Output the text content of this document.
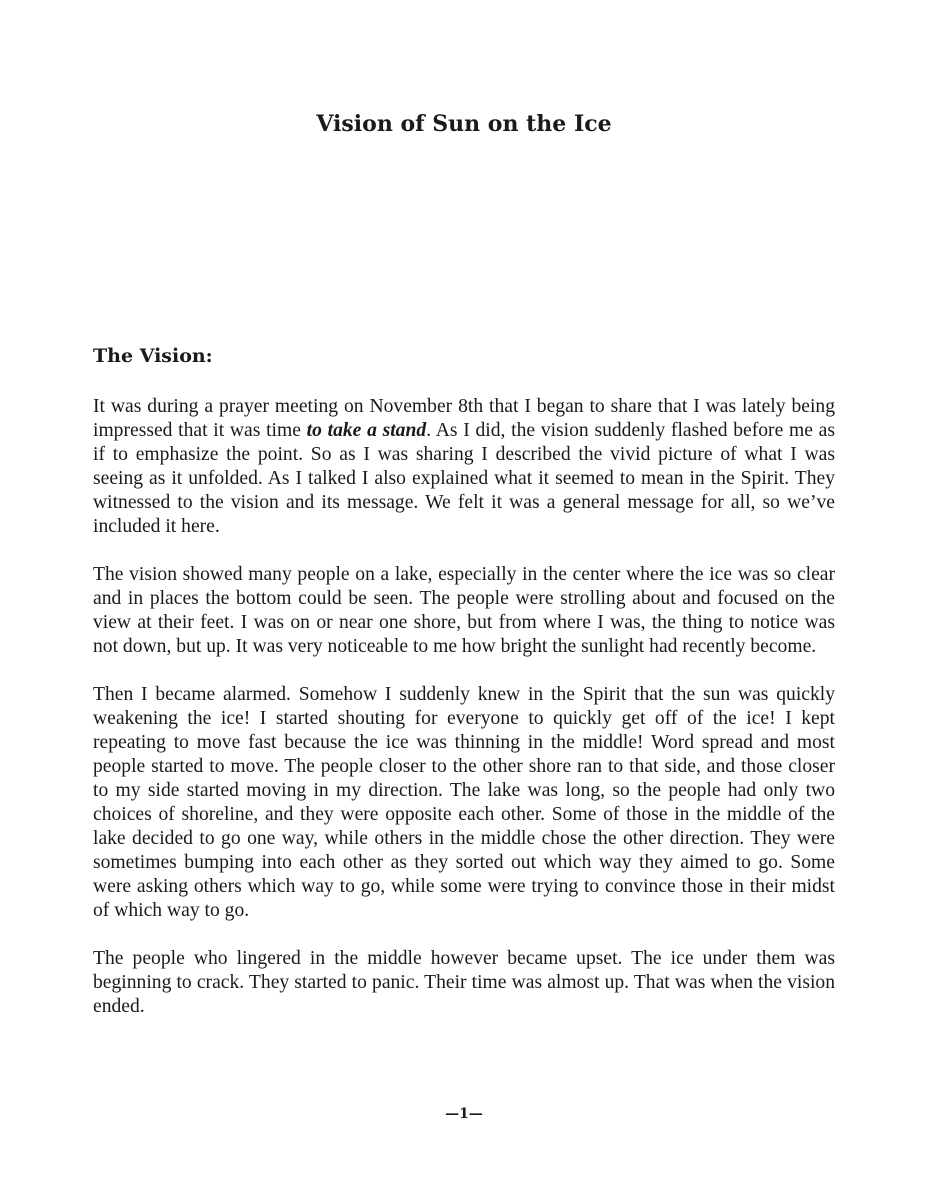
Vision of Sun on the Ice
The Vision:

It was during a prayer meeting on November 8th that I began to share that I was lately being impressed that it was time to take a stand. As I did, the vision suddenly flashed before me as if to emphasize the point. So as I was sharing I described the vivid picture of what I was seeing as it unfolded. As I talked I also explained what it seemed to mean in the Spirit. They witnessed to the vision and its message. We felt it was a general message for all, so we’ve included it here.

The vision showed many people on a lake, especially in the center where the ice was so clear and in places the bottom could be seen. The people were strolling about and focused on the view at their feet. I was on or near one shore, but from where I was, the thing to notice was not down, but up. It was very noticeable to me how bright the sunlight had recently become.

Then I became alarmed. Somehow I suddenly knew in the Spirit that the sun was quickly weakening the ice! I started shouting for everyone to quickly get off of the ice! I kept repeating to move fast because the ice was thinning in the middle! Word spread and most people started to move. The people closer to the other shore ran to that side, and those closer to my side started moving in my direction. The lake was long, so the people had only two choices of shoreline, and they were opposite each other. Some of those in the middle of the lake decided to go one way, while others in the middle chose the other direction. They were sometimes bumping into each other as they sorted out which way they aimed to go. Some were asking others which way to go, while some were trying to convince those in their midst of which way to go.

The people who lingered in the middle however became upset. The ice under them was beginning to crack. They started to panic. Their time was almost up. That was when the vision ended.

—1—
